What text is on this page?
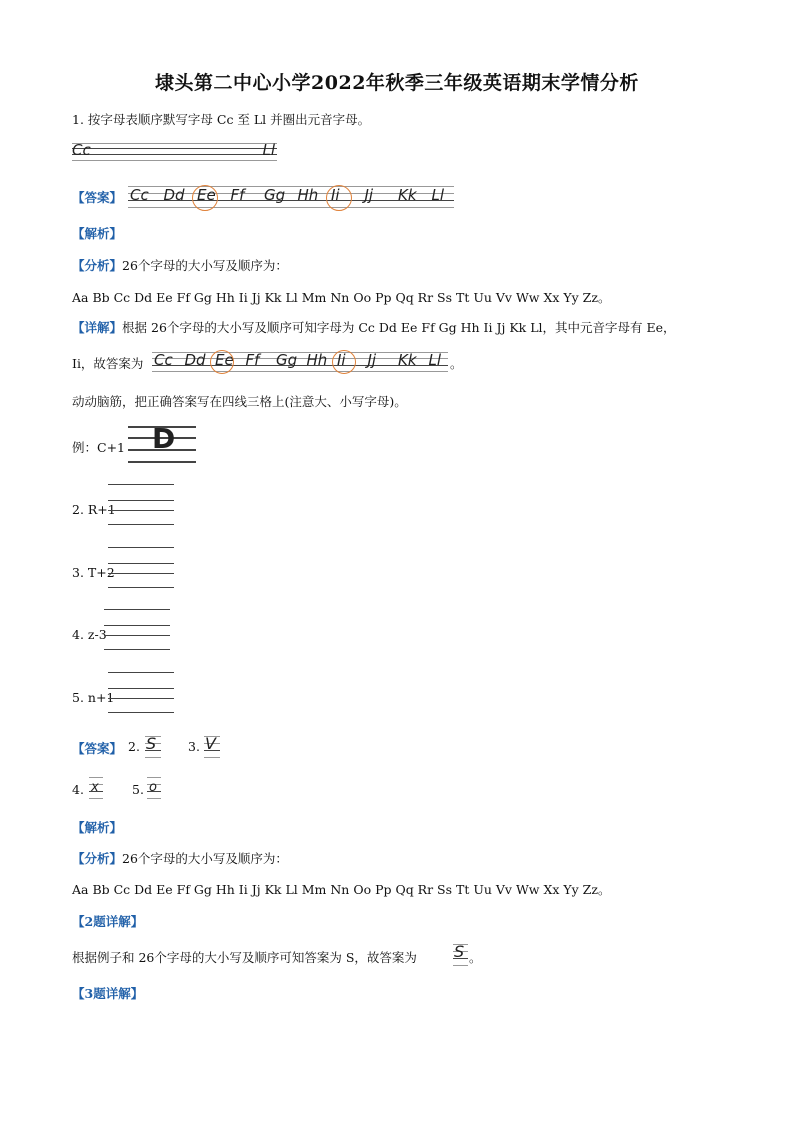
埭头第二中心小学2022年秋季三年级英语期末学情分析
1. 按字母表顺序默写字母 Cc 至 Ll 并圈出元音字母。
Cc	Ll
【答案】 Cc Dd Ee Ff Gg Hh Ii Jj Kk Ll
【解析】
【分析】26个字母的大小写及顺序为：
Aa Bb Cc Dd Ee Ff Gg Hh Ii Jj Kk Ll Mm Nn Oo Pp Qq Rr Ss Tt Uu Vv Ww Xx Yy Zz。
【详解】根据 26个字母的大小写及顺序可知字母为 Cc Dd Ee Ff Gg Hh Ii Jj Kk Ll，其中元音字母有 Ee，
Ii，故答案为 Cc Dd Ee Ff Gg Hh Ii Jj Kk Ll 。
动动脑筋，把正确答案写在四线三格上(注意大、小写字母)。
例：C+1 D
2. R+1
3. T+2
4. z-3
5. n+1
【答案】 2. S	3. V
4. x	5. o
【解析】
【分析】26个字母的大小写及顺序为：
Aa Bb Cc Dd Ee Ff Gg Hh Ii Jj Kk Ll Mm Nn Oo Pp Qq Rr Ss Tt Uu Vv Ww Xx Yy Zz。
【2题详解】
根据例子和 26个字母的大小写及顺序可知答案为 S，故答案为 S 。
【3题详解】
